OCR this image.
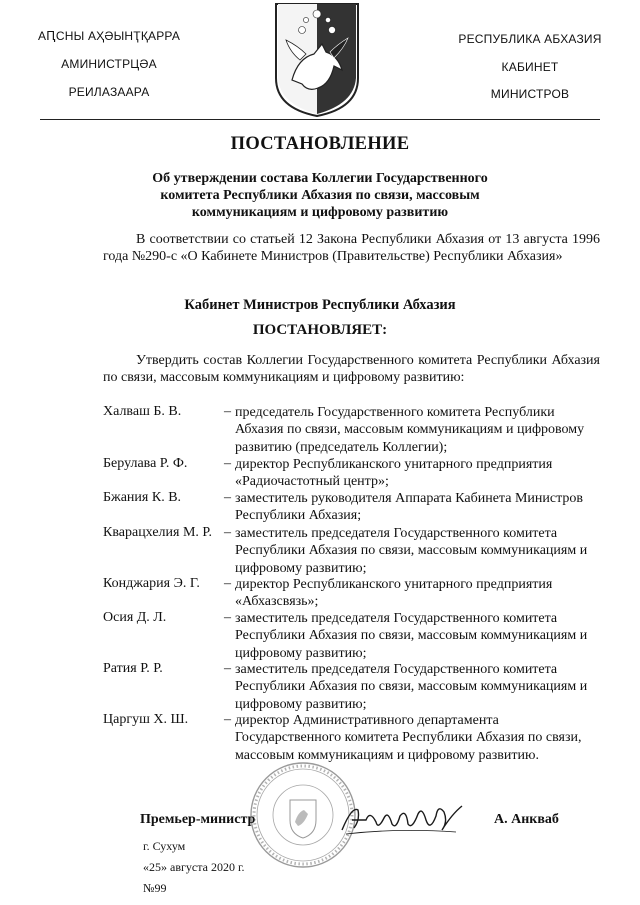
АԤСНЫ АҲӘЫНҬҚАРРА
АМИНИСТРЦӘА
РЕИЛАЗААРА
РЕСПУБЛИКА АБХАЗИЯ
КАБИНЕТ
МИНИСТРОВ
ПОСТАНОВЛЕНИЕ
Об утверждении состава Коллегии Государственного
комитета Республики Абхазия по связи, массовым
коммуникациям и цифровому развитию
В соответствии со статьей 12 Закона Республики Абхазия от 13 августа 1996 года №290-с «О Кабинете Министров (Правительстве) Республики Абхазия»
Кабинет Министров Республики Абхазия
ПОСТАНОВЛЯЕТ:
Утвердить состав Коллегии Государственного комитета Республики Абхазия по связи, массовым коммуникациям и цифровому развитию:
Халваш Б. В.	– председатель Государственного комитета Республики Абхазия по связи, массовым коммуникациям и цифровому развитию (председатель Коллегии);
Берулава Р. Ф.	– директор Республиканского унитарного предприятия «Радиочастотный центр»;
Бжания К. В.	– заместитель руководителя Аппарата Кабинета Министров Республики Абхазия;
Кварацхелия М. Р. – заместитель председателя Государственного комитета Республики Абхазия по связи, массовым коммуникациям и цифровому развитию;
Конджария Э. Г.	– директор Республиканского унитарного предприятия «Абхазсвязь»;
Осия Д. Л.	– заместитель председателя Государственного комитета Республики Абхазия по связи, массовым коммуникациям и цифровому развитию;
Ратия Р. Р.	– заместитель председателя Государственного комитета Республики Абхазия по связи, массовым коммуникациям и цифровому развитию;
Царгуш Х. Ш.	– директор Административного департамента Государственного комитета Республики Абхазия по связи, массовым коммуникациям и цифровому развитию.
Премьер-министр	А. Анкваб
г. Сухум
«25» августа 2020 г.
№99
